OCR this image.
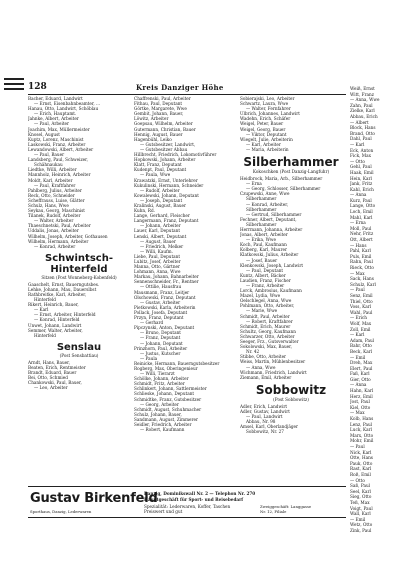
128	Kreis Danziger Höhe

Bacher, Eduard, Landwirt

— Ernst, Eisenbahnbeamter, ...

Hanau, Otto, Landwirt, Schöblau

— Erich, Hauptamt.

Jahnke, Albert, Arbeiter

— Paul, Arbeiter

Joachim, Max, Müllermeister

Knosel, August

Kuptz, Lorenz, Maschinist

Laskowski, Franz, Arbeiter

Lewandowski, Albert, Arbeiter

— Paul, Bauer

Landsberg, Paul, Schweizer,

Schähnaukau

Liedtke, Willi, Arbeiter

Mannholz, Heinrich, Arbeiter

Moldt, Karl, Arbeiter

— Paul, Kraftfahrer

Pahlberg, Julius, Arbeiter

Reck, Otto, Schneider

Scheffrauss, Luise, Glätter

Schulz, Hans, Wwe

Seykau, Georg, Maschinist

Tilanek, Rudolf, Arbeiter

— Walter, Arbeiter

Thaeschnetski, Paul, Arbeiter

Uddalis, Jonas, Arbeiter

Wilhelm, Joseph, Arbeiter, Gothausen

Wilhelm, Hermann, Arbeiter

— Konrad, Arbeiter

Schwintsch-Hinterfeld
Sitzen (Post Wonneberg-Kobenfeld)

Gaaschelt, Ernst, Bauerngutsbes.

Lehke, Johann, Mau, Dauerslbst

Rathbreitke, Karl, Arbeiter,

Hinterfeld

Rikert, Heinrich, Bauer,

— Karl

— Ernst, Arbeiter, Hinterfeld

— Konrad, Hinterfeld

Unwet, Johann, Landwirt

Semmer, Walter, Arbeiter,

Hinterfeld

Senslau
(Post Sensbattiau)

Arndt, Hans, Bauer,

Beaten, Erich, Rentmeister

Brandt, Eduard, Bauer

Bei, Otto, Schmied

Chankowski, Paul, Bauer,

— Leo, Arbeiter

Chaffrenski, Paul, Arbeiter

Fithau, Paul, Deputant

Görtke, Margarete, Wwe

Gembit, Johann, Bauer,

Löwitz, Arbeiter

Goepsau, Wilhelm, Arbeiter

Gutermann, Christian, Bauer

Hennig, August, Bauer

Hagenbühl, Leiko

— Gutsbesitzer, Landwirt,

— Gutsbesitzer Abbau

Hillbrecht, Friedrich, Lokomotivführer

Hopkowski, Johann, Arbeiter

Klatt, Franz, Deputant

Kudenpt, Paul, Deputant

— Paula, Wwe

Krawatzki, Ernst, Unterlehrer

Kukulinski, Hermann, Schneider

— Rudolf, Arbeiter

Kowalewski, Johann, Deputant

— Joseph, Deputant

Kralinski, August, Bauer

Kuhn, Rd.

Lange, Gerhard, Fleischer

Langermann, Franz, Deputant

— Johann, Arbeiter

Lauer, Karl, Deputant

Lenski, Albert, Deputant

— August, Bauer

— Friedrich, Melker

— Willi, Kaufm.

Liebe, Paul, Deputant

Lubitz, Josef, Arbeiter

Manna, Otto, Gärtner

Lohmann, Anna, Wwe

Markau, Johann, Bahnarbeiter

Sennenschneider, Fr., Rentner

— Ottilie, Hausfrau

Mausmann, Franz, Leitjer

Olschowski, Franz, Deputant

— Gustav, Arbeiter

Pietkowski, Karla, Arbeiterin

Pollack, Josefa, Deputant

Przyn, Franz, Deputant

— Gerhard

Pipczynski, Anton, Deputant

— Bruno, Deputant

— Franz, Deputant

— Johann, Deputant

Prinzhorn, Paul, Arbeiter

— Justus, Kutscher

— Paula

Reinicke, Hermann, Bauerngutsbesitzer

Rogberg, Max, Oberingenieur

— Willi, Tierarzt

Schölke, Johann, Arbeiter

Schmidt, Fritz, Arbeiter

Schlinkert, Johann, Sattlermeister

Schlieske, Johann, Deputant

Schmidtke, Franz, Gutsbesitzer

— Georg, Arbeiter

Schmidt, August, Schuhmacher

Schulz, Johann, Bauer,

Sandmann, August, Zimmerer

Seidler, Friedrich, Arbeiter

— Robert, Kaufmann

Sobierajski, Leo, Arbeiter

Schwartz, Laura, Wwe

— Walter, Fernfahrer

Ulbrich, Johannes, Landwirt

Wadehn, Erich, Schäfer

Weigel, Peter, Bauer

Weigel, Georg, Bauer

— Viktor, Deputant

Wiegelt, Julie, Arbeiterin

— Karl, Arbeiter

— Maria, Arbeiterin

Silberhammer
Kokoschken (Post Danzig-Langfuhr)

Heidbrock, Maria, Arb., Silberhammer

— Erna

— Georg, Schlosser, Silberhammer

Czupewski, Anne, Wwe

Silberhammer

— Konrad, Arbeiter,

Silberhammer

— Gertrud, Silberhammer

Fechner, Albert, Deputant,

Silberhammer

Herrmann, Johanna, Arbeiter

Jonas, Albert, Arbeiter

— Erika, Wwe

Koch, Paul, Kaufmann

Kolberg, Karl, Maurer

Klatkowski, Julius, Arbeiter

— Josef, Bauer

Klenkowski, Joseph, Landwirt

— Paul, Deputant

Kuntz, Albert, Bäcker

Laudien, Franz, Fischer

— Franz, Arbeiter

Lorck, Ambrosius, Kaufmann

Mazel, Lydia, Wwe

Oelschlegel, Anna, Wwe

Pohlmann, Otto, Arbeiter,

— Marie, Wwe

Schmidt, Paul, Arbeiter

— Robert, Kraftfahrer

Schmidt, Erich, Maurer

Schultz, Georg, Kaufmann

Schwarzer, Otto, Arbeiter

Seeger, Frz., Gutsverwalter

Sokolowski, Max, Bauer,

Nr. 42

Stibbe, Otto, Arbeiter

Weiss, Martin, Mühlenbesitzer

— Anna, Wwe

Wichmann, Friedrich, Landwirt

Ziemann, Emil, Arbeiter

Sobbowitz
(Post Sobbowitz)

Adler, Erich, Landwirt

Adler, Gustav, Landwirt

— Paul, Landwirt

Abbau, Nr. 98

Amsel, Karl, Oberlandjäger

Sobbowitz, Nr. 27

Gustav Birkenfeld
Danzig, Dominikswall Nr. 2 — Telephon Nr. 270
Hauptgeschäft für Sport- und Reisebedarf
Spezialität: Lederwaren, Koffer, Taschen
Preiswert und gut
Sporthaus, Danzig, Lederwaren
Zweiggeschäft: Langgasse
Nr. 12, Filiale

Weiß, Ernst

Witt, Franz

— Anna, Wwe

Zahn, Paul

Zielke, Karl

Abbau, Erich

— Albert

Block, Hans

Brand, Otto

Dahl, Paul

— Karl

Eck, Anton

Fick, Max

— Otto

Gehl, Paul

Haak, Emil

Hein, Karl

Jank, Fritz

Kahl, Erich

— Anna

Kurz, Paul

Lange, Otto

Loch, Emil

Mahl, Karl

— Erna

Moll, Paul

Nehr, Fritz

Ott, Albert

— Hans

Pahl, Karl

Puls, Emil

Rahn, Paul

Rieck, Otto

— Max

Sack, Hans

Schulz, Karl

— Paul

Senz, Emil

Thiel, Otto

Voss, Karl

Wahl, Paul

— Erich

Wolf, Max

Zoll, Emil

— Karl

Adam, Paul

Bahr, Otto

Beck, Karl

— Emil

Dreh, Max

Elert, Paul

Faß, Karl

Gier, Otto

— Anna

Hahn, Karl

Herz, Emil

Jost, Paul

Kiel, Otto

— Max

Kolb, Hans

Lenz, Paul

Luck, Karl

Marx, Otto

Mohr, Emil

— Paul

Nick, Karl

Otte, Hans

Pauk, Otto

Rast, Karl

Roß, Emil

— Otto

Saß, Paul

Seel, Karl

Sieg, Otto

Teß, Max

Voigt, Paul

Wall, Karl

— Emil

Wetz, Otto

Zink, Paul
